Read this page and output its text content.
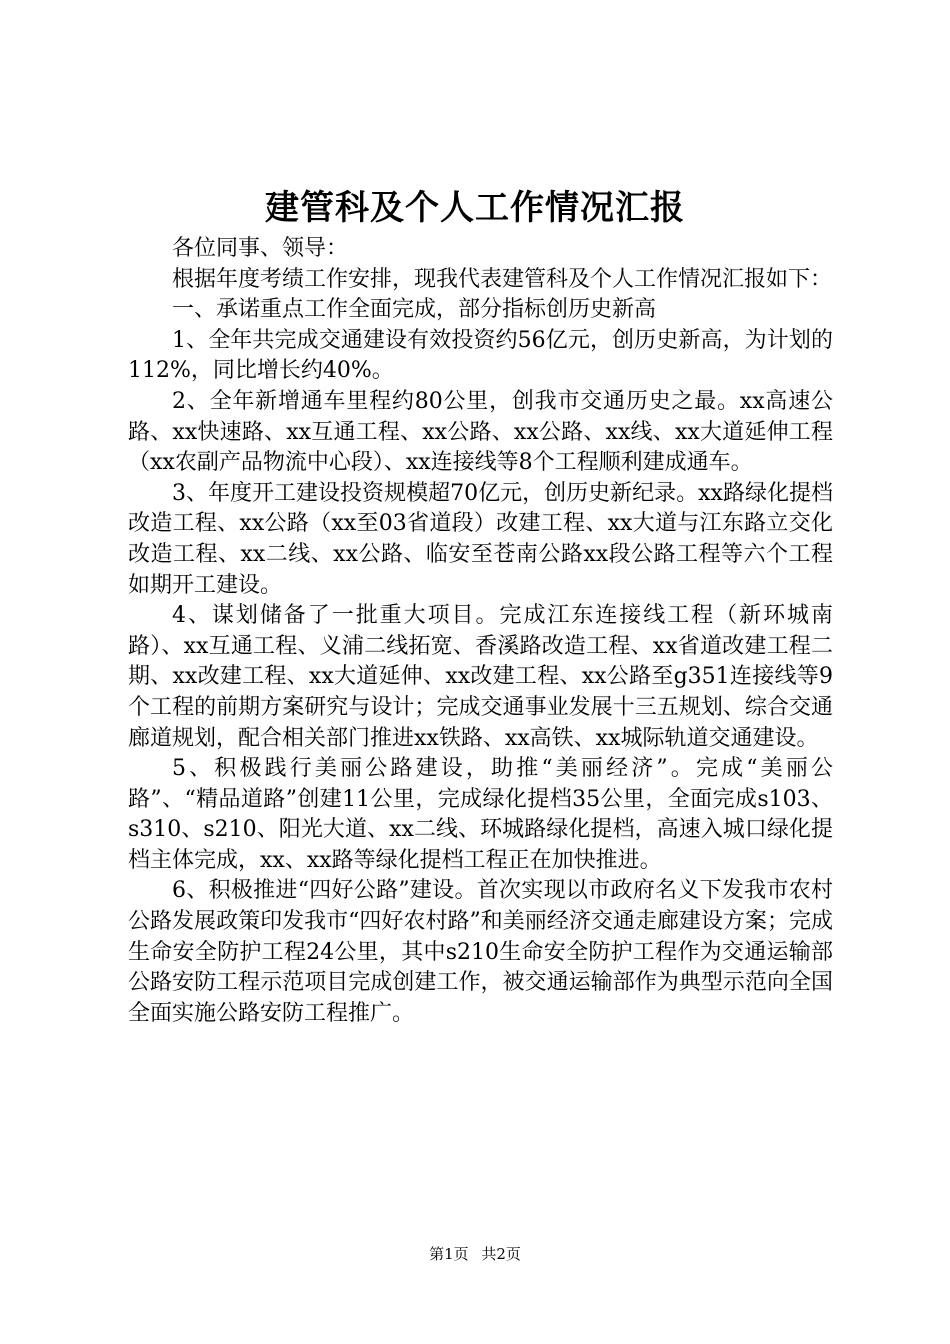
建管科及个人工作情况汇报

各位同事、领导：

根据年度考绩工作安排，现我代表建管科及个人工作情况汇报如下：

一、承诺重点工作全面完成，部分指标创历史新高

1、全年共完成交通建设有效投资约56亿元，创历史新高，为计划的112%，同比增长约40%。

2、全年新增通车里程约80公里，创我市交通历史之最。xx高速公路、xx快速路、xx互通工程、xx公路、xx公路、xx线、xx大道延伸工程（xx农副产品物流中心段）、xx连接线等8个工程顺利建成通车。

3、年度开工建设投资规模超70亿元，创历史新纪录。xx路绿化提档改造工程、xx公路（xx至03省道段）改建工程、xx大道与江东路立交化改造工程、xx二线、xx公路、临安至苍南公路xx段公路工程等六个工程如期开工建设。

4、谋划储备了一批重大项目。完成江东连接线工程（新环城南路）、xx互通工程、义浦二线拓宽、香溪路改造工程、xx省道改建工程二期、xx改建工程、xx大道延伸、xx改建工程、xx公路至g351连接线等9个工程的前期方案研究与设计；完成交通事业发展十三五规划、综合交通廊道规划，配合相关部门推进xx铁路、xx高铁、xx城际轨道交通建设。

5、积极践行美丽公路建设，助推“美丽经济”。完成“美丽公路”、“精品道路”创建11公里，完成绿化提档35公里，全面完成s103、s310、s210、阳光大道、xx二线、环城路绿化提档，高速入城口绿化提档主体完成，xx、xx路等绿化提档工程正在加快推进。

6、积极推进“四好公路”建设。首次实现以市政府名义下发我市农村公路发展政策印发我市“四好农村路”和美丽经济交通走廊建设方案；完成生命安全防护工程24公里，其中s210生命安全防护工程作为交通运输部公路安防工程示范项目完成创建工作，被交通运输部作为典型示范向全国全面实施公路安防工程推广。

第1页 共2页
